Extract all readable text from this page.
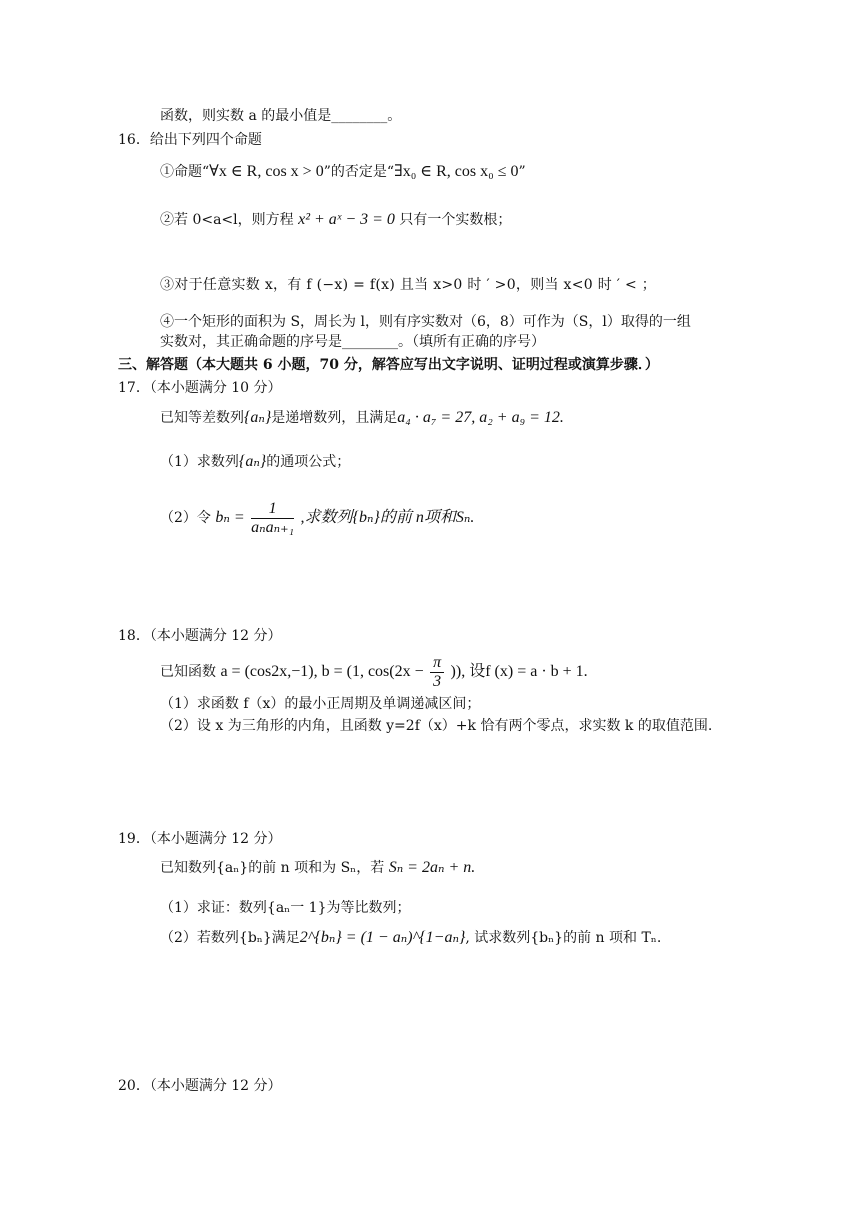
函数，则实数 a 的最小值是________。
16．给出下列四个命题
①命题“∀x ∈ R, cos x > 0”的否定是“∃x₀ ∈ R, cos x₀ ≤ 0”
②若 0<a<l，则方程 x² + aˣ − 3 = 0 只有一个实数根；
③对于任意实数 x，有 f (−x) = f(x) 且当 x>0 时 ′ >0，则当 x<0 时 ′ < ；
④一个矩形的面积为 S，周长为 l，则有序实数对（6，8）可作为（S，l）取得的一组
实数对，其正确命题的序号是________。（填所有正确的序号）
三、解答题（本大题共 6 小题，70 分，解答应写出文字说明、证明过程或演算步骤．）
17．（本小题满分 10 分）
已知等差数列{aₙ}是递增数列，且满足a₄ · a₇ = 27, a₂ + a₉ = 12.
（1）求数列{aₙ}的通项公式；
（2）令 $b_n = \frac{1}{\text{aₙaₙ₊₁}}$ ,求数列{bₙ}的前 n项和Sₙ.
18．（本小题满分 12 分）
已知函数 a = (cos2x,−1), b = (1, $\cos(2x - \frac{\pi}{3}$ )), 设f (x) = a · b + 1.
（1）求函数 f（x）的最小正周期及单调递减区间；
（2）设 x 为三角形的内角，且函数 y=2f（x）+k 恰有两个零点，求实数 k 的取值范围.
19．（本小题满分 12 分）
已知数列{aₙ}的前 n 项和为 Sₙ，若 Sₙ = 2aₙ + n.
（1）求证：数列{aₙ一 1}为等比数列；
（2）若数列{bₙ}满足2^{bₙ} = (1 − aₙ)^{1−aₙ}, 试求数列{bₙ}的前 n 项和 Tₙ.
20．（本小题满分 12 分）
